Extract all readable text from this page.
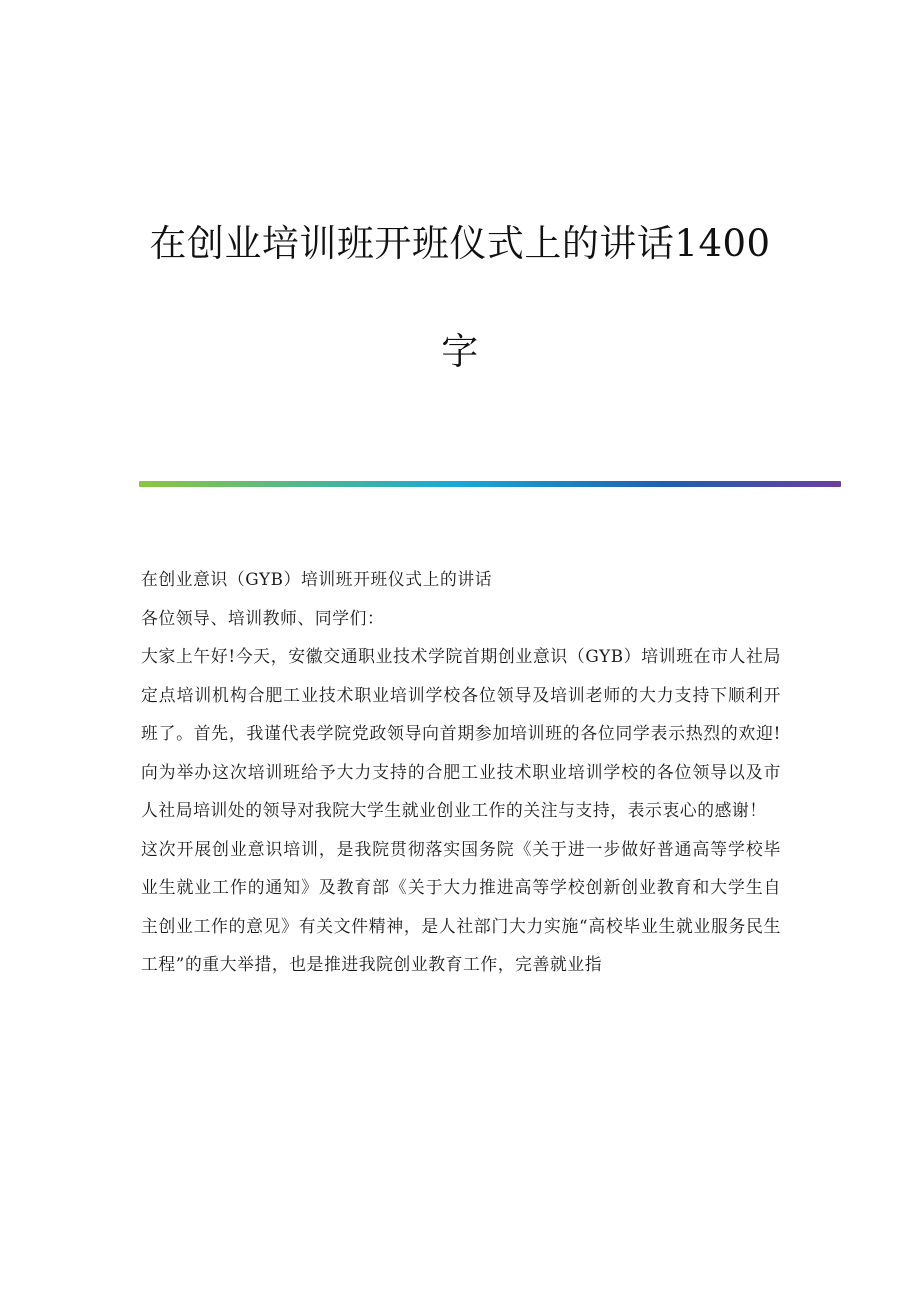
在创业培训班开班仪式上的讲话1400
字

在创业意识（GYB）培训班开班仪式上的讲话

各位领导、培训教师、同学们：

大家上午好!今天，安徽交通职业技术学院首期创业意识（GYB）培训班在市人社局定点培训机构合肥工业技术职业培训学校各位领导及培训老师的大力支持下顺利开班了。首先，我谨代表学院党政领导向首期参加培训班的各位同学表示热烈的欢迎!向为举办这次培训班给予大力支持的合肥工业技术职业培训学校的各位领导以及市人社局培训处的领导对我院大学生就业创业工作的关注与支持，表示衷心的感谢！

这次开展创业意识培训，是我院贯彻落实国务院《关于进一步做好普通高等学校毕业生就业工作的通知》及教育部《关于大力推进高等学校创新创业教育和大学生自主创业工作的意见》有关文件精神，是人社部门大力实施“高校毕业生就业服务民生工程”的重大举措，也是推进我院创业教育工作，完善就业指
